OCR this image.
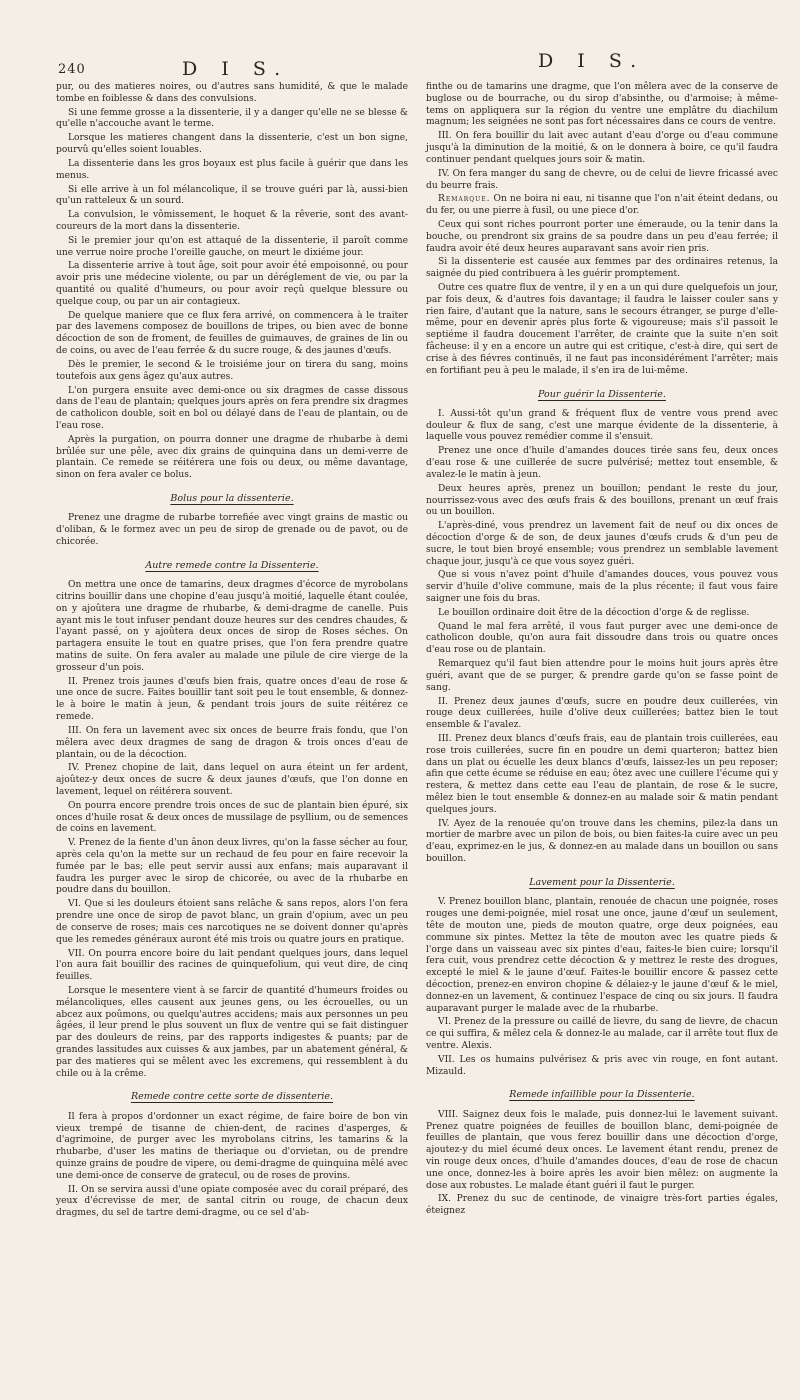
240	D I S.	D I S.

pur, ou des matieres noires, ou d'autres sans humidité, & que le malade tombe en foiblesse & dans des convulsions.

Si une femme grosse a la dissenterie, il y a danger qu'elle ne se blesse & qu'elle n'accouche avant le terme.

Lorsque les matieres changent dans la dissenterie, c'est un bon signe, pourvû qu'elles soient louables.

La dissenterie dans les gros boyaux est plus facile à guérir que dans les menus.

Si elle arrive à un fol mélancolique, il se trouve guéri par là, aussi-bien qu'un ratteleux & un sourd.

La convulsion, le vômissement, le hoquet & la rêverie, sont des avant-coureurs de la mort dans la dissenterie.

Si le premier jour qu'on est attaqué de la dissenterie, il paroît comme une verrue noire proche l'oreille gauche, on meurt le dixiéme jour.

La dissenterie arrive à tout âge, soit pour avoir été empoisonné, ou pour avoir pris une médecine violente, ou par un déréglement de vie, ou par la quantité ou qualité d'humeurs, ou pour avoir reçû quelque blessure ou quelque coup, ou par un air contagieux.

De quelque maniere que ce flux fera arrivé, on commencera à le traiter par des lavemens composez de bouillons de tripes, ou bien avec de bonne décoction de son de froment, de feuilles de guimauves, de graines de lin ou de coins, ou avec de l'eau ferrée & du sucre rouge, & des jaunes d'œufs.

Dès le premier, le second & le troisiéme jour on tirera du sang, moins toutefois aux gens âgez qu'aux autres.

L'on purgera ensuite avec demi-once ou six dragmes de casse dissous dans de l'eau de plantain; quelques jours après on fera prendre six dragmes de catholicon double, soit en bol ou délayé dans de l'eau de plantain, ou de l'eau rose.

Après la purgation, on pourra donner une dragme de rhubarbe à demi brûlée sur une pêle, avec dix grains de quinquina dans un demi-verre de plantain. Ce remede se réitérera une fois ou deux, ou même davantage, sinon on fera avaler ce bolus.

Bolus pour la dissenterie.

Prenez une dragme de rubarbe torrefiée avec vingt grains de mastic ou d'oliban, & le formez avec un peu de sirop de grenade ou de pavot, ou de chicorée.

Autre remede contre la Dissenterie.

On mettra une once de tamarins, deux dragmes d'écorce de myrobolans citrins bouillir dans une chopine d'eau jusqu'à moitié, laquelle étant coulée, on y ajoûtera une dragme de rhubarbe, & demi-dragme de canelle. Puis ayant mis le tout infuser pendant douze heures sur des cendres chaudes, & l'ayant passé, on y ajoûtera deux onces de sirop de Roses séches. On partagera ensuite le tout en quatre prises, que l'on fera prendre quatre matins de suite. On fera avaler au malade une pilule de cire vierge de la grosseur d'un pois.

II. Prenez trois jaunes d'œufs bien frais, quatre onces d'eau de rose & une once de sucre. Faites bouillir tant soit peu le tout ensemble, & donnez-le à boire le matin à jeun, & pendant trois jours de suite réitérez ce remede.

III. On fera un lavement avec six onces de beurre frais fondu, que l'on mêlera avec deux dragmes de sang de dragon & trois onces d'eau de plantain, ou de la décoction.

IV. Prenez chopine de lait, dans lequel on aura éteint un fer ardent, ajoûtez-y deux onces de sucre & deux jaunes d'œufs, que l'on donne en lavement, lequel on réitérera souvent.

On pourra encore prendre trois onces de suc de plantain bien épuré, six onces d'huile rosat & deux onces de mussilage de psyllium, ou de semences de coins en lavement.

V. Prenez de la fiente d'un ânon deux livres, qu'on la fasse sécher au four, après cela qu'on la mette sur un rechaud de feu pour en faire recevoir la fumée par le bas; elle peut servir aussi aux enfans; mais auparavant il faudra les purger avec le sirop de chicorée, ou avec de la rhubarbe en poudre dans du bouillon.

VI. Que si les douleurs étoient sans relâche & sans repos, alors l'on fera prendre une once de sirop de pavot blanc, un grain d'opium, avec un peu de conserve de roses; mais ces narcotiques ne se doivent donner qu'après que les remedes généraux auront été mis trois ou quatre jours en pratique.

VII. On pourra encore boire du lait pendant quelques jours, dans lequel l'on aura fait bouillir des racines de quinquefolium, qui veut dire, de cinq feuilles.

Lorsque le mesentere vient à se farcir de quantité d'humeurs froides ou mélancoliques, elles causent aux jeunes gens, ou les écrouelles, ou un abcez aux poûmons, ou quelqu'autres accidens; mais aux personnes un peu âgées, il leur prend le plus souvent un flux de ventre qui se fait distinguer par des douleurs de reins, par des rapports indigestes & puants; par de grandes lassitudes aux cuisses & aux jambes, par un abatement général, & par des matieres qui se mêlent avec les excremens, qui ressemblent à du chile ou à la crême.

Remede contre cette sorte de dissenterie.

Il fera à propos d'ordonner un exact régime, de faire boire de bon vin vieux trempé de tisanne de chien-dent, de racines d'asperges, & d'agrimoine, de purger avec les myrobolans citrins, les tamarins & la rhubarbe, d'user les matins de theriaque ou d'orvietan, ou de prendre quinze grains de poudre de vipere, ou demi-dragme de quinquina mêlé avec une demi-once de conserve de gratecul, ou de roses de provins.

II. On se servira aussi d'une opiate composée avec du corail préparé, des yeux d'écrevisse de mer, de santal citrin ou rouge, de chacun deux dragmes, du sel de tartre demi-dragme, ou ce sel d'ab-

finthe ou de tamarins une dragme, que l'on mêlera avec de la conserve de buglose ou de bourrache, ou du sirop d'absinthe, ou d'armoise; à même-tems on appliquera sur la région du ventre une emplâtre du diachilum magnum; les seignées ne sont pas fort nécessaires dans ce cours de ventre.

III. On fera bouillir du lait avec autant d'eau d'orge ou d'eau commune jusqu'à la diminution de la moitié, & on le donnera à boire, ce qu'il faudra continuer pendant quelques jours soir & matin.

IV. On fera manger du sang de chevre, ou de celui de lievre fricassé avec du beurre frais.

Remarque. On ne boira ni eau, ni tisanne que l'on n'ait éteint dedans, ou du fer, ou une pierre à fusil, ou une piece d'or.

Ceux qui sont riches pourront porter une émeraude, ou la tenir dans la bouche, ou prendront six grains de sa poudre dans un peu d'eau ferrée; il faudra avoir été deux heures auparavant sans avoir rien pris.

Si la dissenterie est causée aux femmes par des ordinaires retenus, la saignée du pied contribuera à les guérir promptement.

Outre ces quatre flux de ventre, il y en a un qui dure quelquefois un jour, par fois deux, & d'autres fois davantage; il faudra le laisser couler sans y rien faire, d'autant que la nature, sans le secours étranger, se purge d'elle-même, pour en devenir après plus forte & vigoureuse; mais s'il passoit le septiéme il faudra doucement l'arrêter, de crainte que la suite n'en soit fâcheuse: il y en a encore un autre qui est critique, c'est-à dire, qui sert de crise à des fiévres continuës, il ne faut pas inconsidérément l'arrêter; mais en fortifiant peu à peu le malade, il s'en ira de lui-même.

Pour guérir la Dissenterie.

I. Aussi-tôt qu'un grand & fréquent flux de ventre vous prend avec douleur & flux de sang, c'est une marque évidente de la dissenterie, à laquelle vous pouvez remédier comme il s'ensuit.

Prenez une once d'huile d'amandes douces tirée sans feu, deux onces d'eau rose & une cuillerée de sucre pulvérisé; mettez tout ensemble, & avalez-le le matin à jeun.

Deux heures après, prenez un bouillon; pendant le reste du jour, nourrissez-vous avec des œufs frais & des bouillons, prenant un œuf frais ou un bouillon.

L'après-diné, vous prendrez un lavement fait de neuf ou dix onces de décoction d'orge & de son, de deux jaunes d'œufs cruds & d'un peu de sucre, le tout bien broyé ensemble; vous prendrez un semblable lavement chaque jour, jusqu'à ce que vous soyez guéri.

Que si vous n'avez point d'huile d'amandes douces, vous pouvez vous servir d'huile d'olive commune, mais de la plus récente; il faut vous faire saigner une fois du bras.

Le bouillon ordinaire doit être de la décoction d'orge & de reglisse.

Quand le mal fera arrêté, il vous faut purger avec une demi-once de catholicon double, qu'on aura fait dissoudre dans trois ou quatre onces d'eau rose ou de plantain.

Remarquez qu'il faut bien attendre pour le moins huit jours après être guéri, avant que de se purger, & prendre garde qu'on se fasse point de sang.

II. Prenez deux jaunes d'œufs, sucre en poudre deux cuillerées, vin rouge deux cuillerées, huile d'olive deux cuillerées; battez bien le tout ensemble & l'avalez.

III. Prenez deux blancs d'œufs frais, eau de plantain trois cuillerées, eau rose trois cuillerées, sucre fin en poudre un demi quarteron; battez bien dans un plat ou écuelle les deux blancs d'œufs, laissez-les un peu reposer; afin que cette écume se réduise en eau; ôtez avec une cuillere l'écume qui y restera, & mettez dans cette eau l'eau de plantain, de rose & le sucre, mêlez bien le tout ensemble & donnez-en au malade soir & matin pendant quelques jours.

IV. Ayez de la renouée qu'on trouve dans les chemins, pilez-la dans un mortier de marbre avec un pilon de bois, ou bien faites-la cuire avec un peu d'eau, exprimez-en le jus, & donnez-en au malade dans un bouillon ou sans bouillon.

Lavement pour la Dissenterie.

V. Prenez bouillon blanc, plantain, renouée de chacun une poignée, roses rouges une demi-poignée, miel rosat une once, jaune d'œuf un seulement, tête de mouton une, pieds de mouton quatre, orge deux poignées, eau commune six pintes. Mettez la tête de mouton avec les quatre pieds & l'orge dans un vaisseau avec six pintes d'eau, faites-le bien cuire; lorsqu'il fera cuit, vous prendrez cette décoction & y mettrez le reste des drogues, excepté le miel & le jaune d'œuf. Faites-le bouillir encore & passez cette décoction, prenez-en environ chopine & délaiez-y le jaune d'œuf & le miel, donnez-en un lavement, & continuez l'espace de cinq ou six jours. Il faudra auparavant purger le malade avec de la rhubarbe.

VI. Prenez de la pressure ou caillé de lievre, du sang de lievre, de chacun ce qui suffira, & mêlez cela & donnez-le au malade, car il arrête tout flux de ventre. Alexis.

VII. Les os humains pulvérisez & pris avec vin rouge, en font autant. Mizauld.

Remede infaillible pour la Dissenterie.

VIII. Saignez deux fois le malade, puis donnez-lui le lavement suivant. Prenez quatre poignées de feuilles de bouillon blanc, demi-poignée de feuilles de plantain, que vous ferez bouillir dans une décoction d'orge, ajoutez-y du miel écumé deux onces. Le lavement étant rendu, prenez de vin rouge deux onces, d'huile d'amandes douces, d'eau de rose de chacun une once, donnez-les à boire après les avoir bien mêlez: on augmente la dose aux robustes. Le malade étant guéri il faut le purger.

IX. Prenez du suc de centinode, de vinaigre très-fort parties égales, éteignez
